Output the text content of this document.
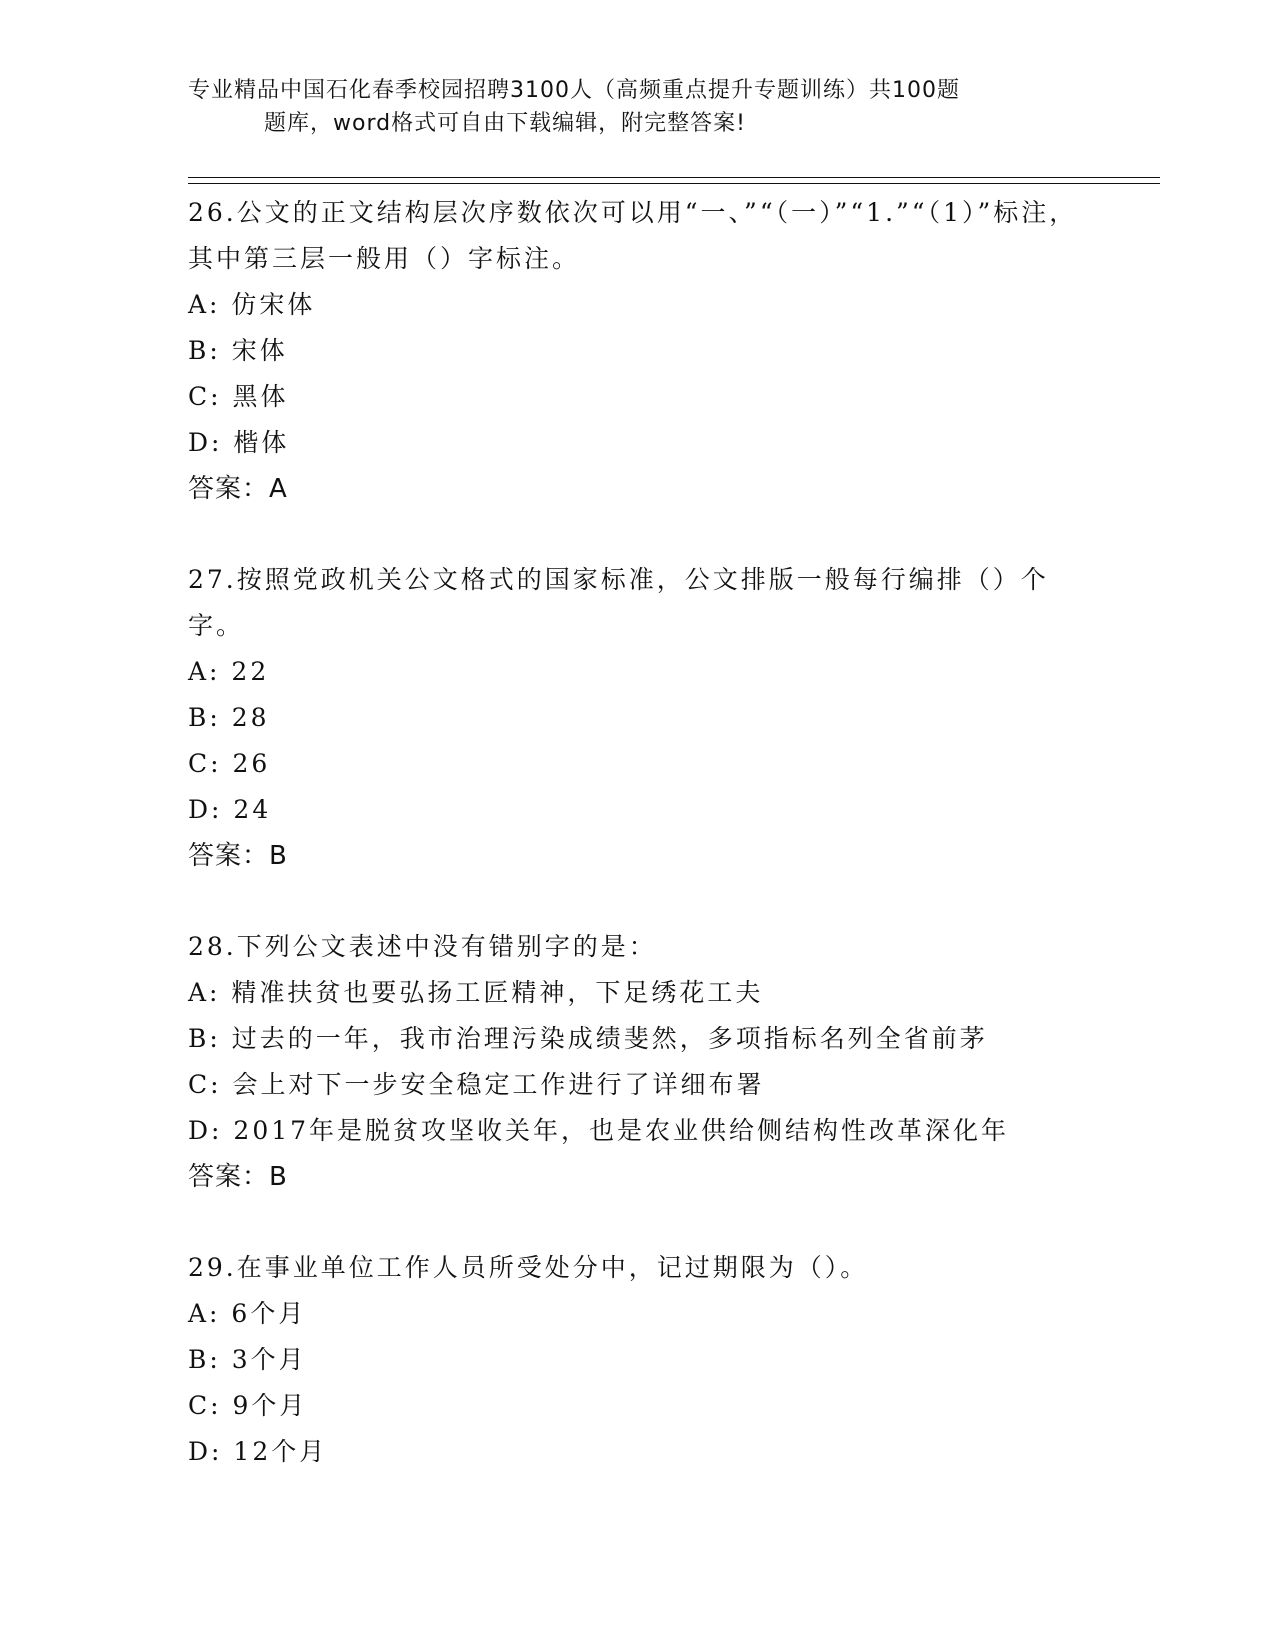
专业精品中国石化春季校园招聘3100人（高频重点提升专题训练）共100题
题库，word格式可自由下载编辑，附完整答案!
26.公文的正文结构层次序数依次可以用“一、”“（一）”“1.”“（1）”标注，其中第三层一般用（）字标注。
A: 仿宋体
B: 宋体
C: 黑体
D: 楷体
答案：A
27.按照党政机关公文格式的国家标准，公文排版一般每行编排（）个字。
A: 22
B: 28
C: 26
D: 24
答案：B
28.下列公文表述中没有错别字的是：
A: 精准扶贫也要弘扬工匠精神，下足绣花工夫
B: 过去的一年，我市治理污染成绩斐然，多项指标名列全省前茅
C: 会上对下一步安全稳定工作进行了详细布署
D: 2017年是脱贫攻坚收关年，也是农业供给侧结构性改革深化年
答案：B
29.在事业单位工作人员所受处分中，记过期限为（）。
A: 6个月
B: 3个月
C: 9个月
D: 12个月
